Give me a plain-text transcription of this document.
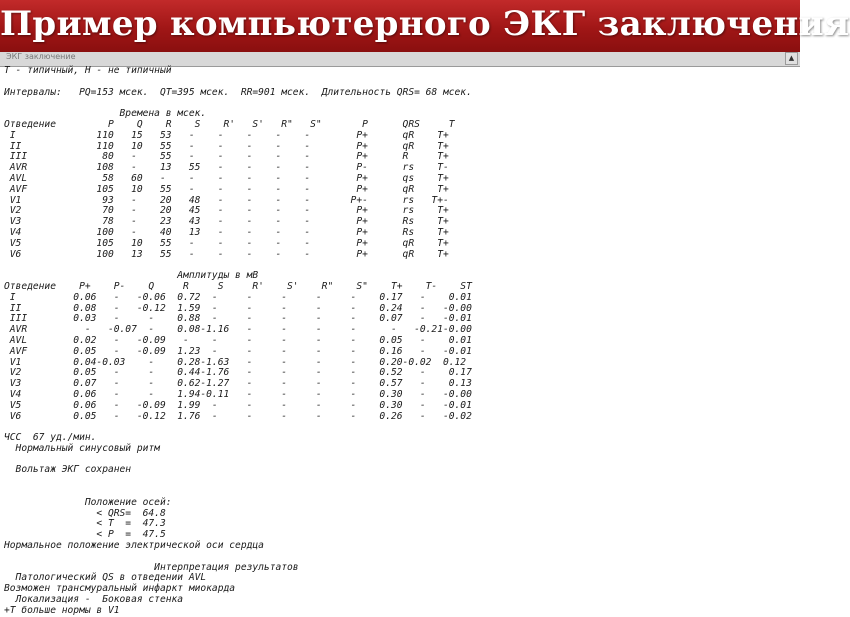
Пример компьютерного ЭКГ заключения
ЭКГ заключение	▲
Т - типичный, Н - не типичный

Интервалы:   PQ=153 мсек.  QT=395 мсек.  RR=901 мсек.  Длительность QRS= 68 мсек.

Времена в мсек.
Отведение         P    Q    R    S    R'   S'   R"   S"       P      QRS     T
I              110   15   53   -    -    -    -    -        P+      qR    T+
II             110   10   55   -    -    -    -    -        P+      qR    T+
III             80   -    55   -    -    -    -    -        P+      R     T+
AVR            108   -    13   55   -    -    -    -        P-      rs    T-
AVL             58   60   -    -    -    -    -    -        P+      qs    T+
AVF            105   10   55   -    -    -    -    -        P+      qR    T+
V1              93   -    20   48   -    -    -    -       P+-      rs   T+-
V2              70   -    20   45   -    -    -    -        P+      rs    T+
V3              78   -    23   43   -    -    -    -        P+      Rs    T+
V4             100   -    40   13   -    -    -    -        P+      Rs    T+
V5             105   10   55   -    -    -    -    -        P+      qR    T+
V6             100   13   55   -    -    -    -    -        P+      qR    T+

Амплитуды в мВ
Отведение    P+    P-    Q     R     S     R'    S'    R"    S"    T+    T-    ST
I          0.06   -   -0.06  0.72  -     -     -     -     -    0.17   -    0.01
II         0.08   -   -0.12  1.59  -     -     -     -     -    0.24   -   -0.00
III        0.03   -     -    0.88  -     -     -     -     -    0.07   -   -0.01
AVR          -   -0.07  -    0.08-1.16   -     -     -     -      -   -0.21-0.00
AVL        0.02   -   -0.09   -    -     -     -     -     -    0.05   -    0.01
AVF        0.05   -   -0.09  1.23  -     -     -     -     -    0.16   -   -0.01
V1         0.04-0.03    -    0.28-1.63   -     -     -     -    0.20-0.02  0.12
V2         0.05   -     -    0.44-1.76   -     -     -     -    0.52   -    0.17
V3         0.07   -     -    0.62-1.27   -     -     -     -    0.57   -    0.13
V4         0.06   -     -    1.94-0.11   -     -     -     -    0.30   -   -0.00
V5         0.06   -   -0.09  1.99  -     -     -     -     -    0.30   -   -0.01
V6         0.05   -   -0.12  1.76  -     -     -     -     -    0.26   -   -0.02

ЧСС  67 уд./мин.
Нормальный синусовый ритм

Вольтаж ЭКГ сохранен

Положение осей:
< QRS=  64.8
< T  =  47.3
< P  =  47.5
Нормальное положение электрической оси сердца

Интерпретация результатов
Патологический QS в отведении AVL
Возможен трансмуральный инфаркт миокарда
Локализация -  Боковая стенка
+Т больше нормы в V1
